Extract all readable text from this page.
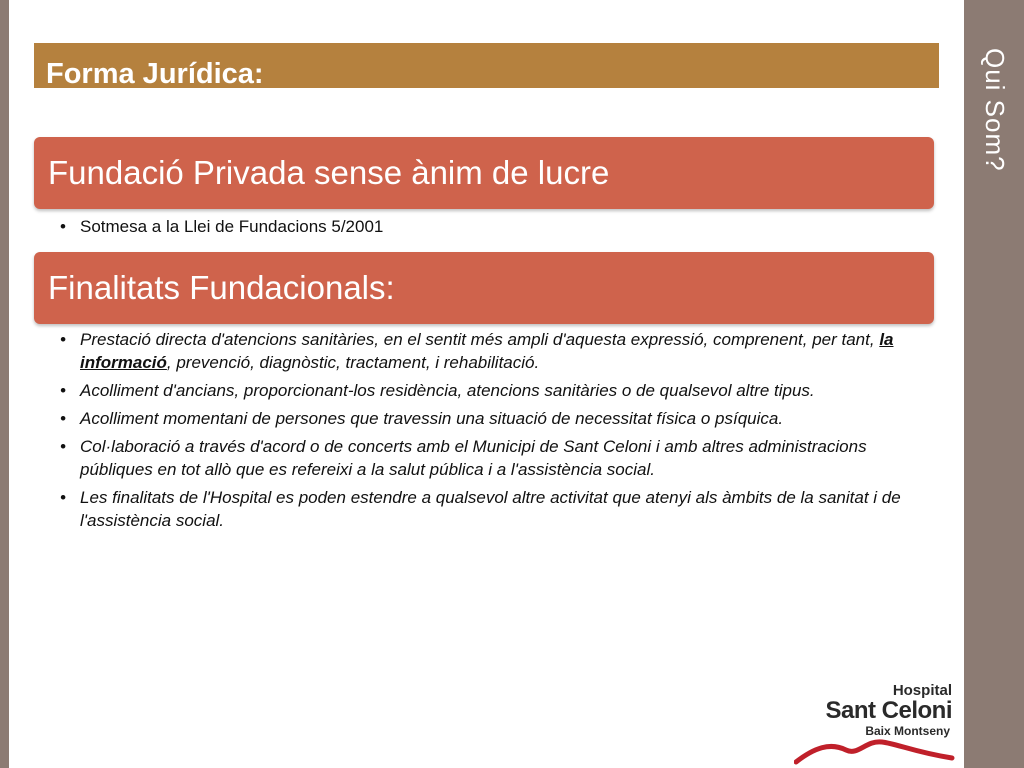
Qui Som?
Forma Jurídica:
Fundació Privada sense ànim de lucre
• Sotmesa a la Llei de Fundacions 5/2001
Finalitats Fundacionals:
• Prestació directa d'atencions sanitàries, en el sentit més ampli d'aquesta expressió, comprenent, per tant, la informació, prevenció, diagnòstic, tractament, i rehabilitació.
• Acolliment d'ancians, proporcionant-los residència, atencions sanitàries o de qualsevol altre tipus.
• Acolliment momentani de persones que travessin una situació de necessitat física o psíquica.
• Col·laboració a través d'acord o de concerts amb el Municipi de Sant Celoni i amb altres administracions públiques en tot allò que es refereixi a la salut pública i a l'assistència social.
• Les finalitats de l'Hospital es poden estendre a qualsevol altre activitat que atenyi als àmbits de la sanitat i de l'assistència social.
Hospital
Sant Celoni
Baix Montseny
